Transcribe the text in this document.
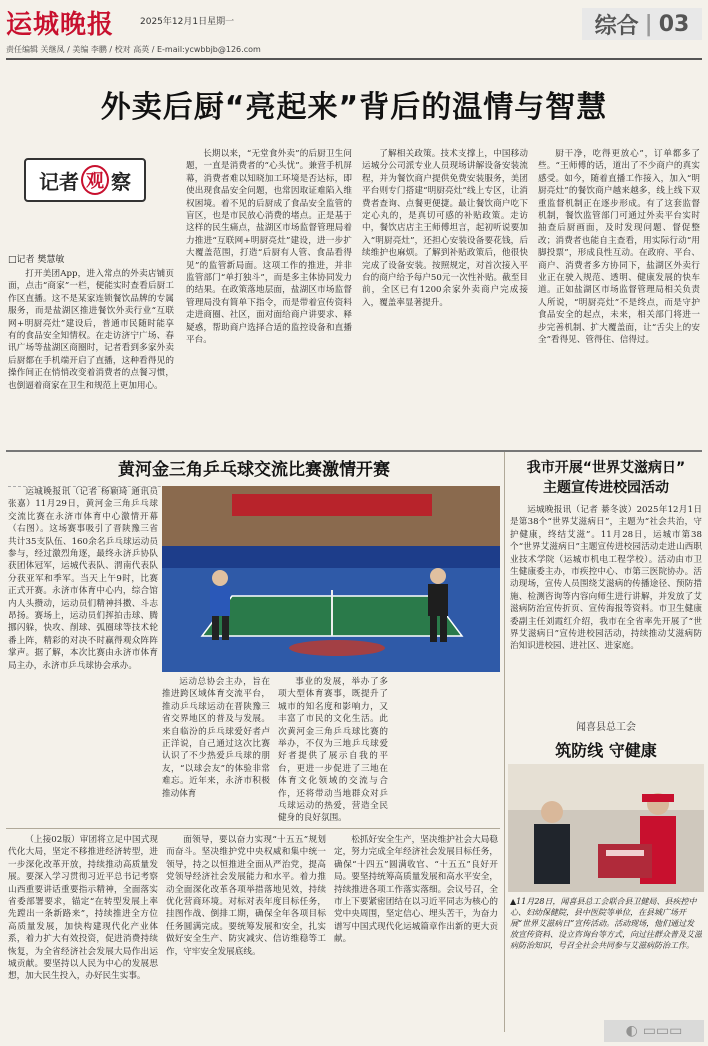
运城晚报	2025年12月1日星期一
责任编辑 关继凤 / 美编 李鹏 / 校对 高英 / E-mail:ycwbbjb@126.com
综合 | 03
外卖后厨“亮起来”背后的温情与智慧
记者 观 察
□记者 樊慧敏

打开美团App，进入常点的外卖店铺页面，点击“商家”一栏，便能实时查看后厨工作区直播。这不是某家连锁餐饮品牌的专属服务，而是盐湖区推进餐饮外卖行业“互联网+明厨亮灶”建设后，普通市民随时能享有的食品安全知情权。在走访济宁广场、春讯广场等盐湖区商圈时，记者看到多家外卖后厨都在手机端开启了直播，这种看得见的操作间正在悄悄改变着消费者的点餐习惯，也倒逼着商家在卫生和规范上更加用心。

长期以来，“无堂食外卖”的后厨卫生问题，一直是消费者的“心头忧”。兼营手机屏幕，消费者难以知晓加工环境是否达标，即使出现食品安全问题，也常因取证难陷入维权困境。着不见的后厨成了食品安全监管的盲区，也是市民放心消费的堵点。正是基于这样的民生痛点，盐湖区市场监督管理局着力推进“互联网+明厨亮灶”建设，进一步扩大覆盖范围，打造“后厨有人管、食品看得见”的监管新局面。这项工作的推进，并非监管部门“单打独斗”，而是多主体协同发力的结果。在政策落地层面，盐湖区市场监督管理局没有简单下指令，而是带着宣传资料走进商圈、社区，面对面给商户讲要求、释疑惑，帮助商户选择合适的监控设备和直播平台。

了解相关政策。技术支撑上，中国移动运城分公司派专业人员现场讲解设备安装流程，并为餐饮商户提供免费安装服务，美团平台则专门搭建“明厨亮灶”线上专区，让消费者查询、点餐更便捷。最让餐饮商户吃下定心丸的，是真切可感的补贴政策。走访中，餐饮店店主王师傅坦言，起初听说要加入“明厨亮灶”，还担心安装设备要花钱，后续维护也麻烦。了解到补贴政策后，他很快完成了设备安装。按照规定，对首次接入平台的商户给予每户50元一次性补贴。截至目前，全区已有1200余家外卖商户完成接入，覆盖率显著提升。

厨干净，吃得更放心”，订单都多了些。“王师傅的话，道出了不少商户的真实感受。如今，随着直播工作接入，加入“明厨亮灶”的餐饮商户越来越多，线上线下双重监督机制正在逐步形成。有了这套监督机制，餐饮监管部门可通过外卖平台实时抽查后厨画面，及时发现问题、督促整改；消费者也能自主查看，用实际行动“用脚投票”，形成良性互动。在政府、平台、商户、消费者多方协同下，盐湖区外卖行业正在驶入规范、透明、健康发展的快车道。正如盐湖区市场监督管理局相关负责人所说，“明厨亮灶”不是终点，而是守护食品安全的起点，未来，相关部门将进一步完善机制、扩大覆盖面，让“舌尖上的安全”看得见、管得住、信得过。

黄河金三角乒乓球交流比赛激情开赛

运城晚报讯（记者 杨颖琦 通讯员 张嘉）11月29日，黄河金三角乒乓球交流比赛在永济市体育中心激情开幕（右图）。这场赛事吸引了晋陕豫三省共计35支队伍、160余名乒乓球运动员参与，经过激烈角逐，最终永济乒协队获团体冠军，运城代表队、渭南代表队分获亚军和季军。当天上午9时，比赛正式开赛。永济市体育中心内，综合馆内人头攒动，运动员们精神抖擞、斗志昂扬。赛场上，运动员们挥拍击球、腾挪闪躲，快攻、削球、弧圈球等技术轮番上阵，精彩的对决不时赢得观众阵阵掌声。据了解，本次比赛由永济市体育局主办，永济市乒乓球协会承办。

运动总协会主办，旨在推进跨区域体育交流平台，推动乒乓球运动在晋陕豫三省交界地区的普及与发展。来自临汾的乒乓球爱好者卢正洋说，自己通过这次比赛认识了不少热爱乒乓球的朋友，“以球会友”的体验非常难忘。近年来，永济市积极推动体育

事业的发展，举办了多项大型体育赛事，既提升了城市的知名度和影响力，又丰富了市民的文化生活。此次黄河金三角乒乓球比赛的举办，不仅为三地乒乓球爱好者提供了展示自我的平台，更进一步促进了三地在体育文化领域的交流与合作，还将带动当地群众对乒乓球运动的热爱，营造全民健身的良好氛围。

我市开展“世界艾滋病日”
主题宣传进校园活动

运城晚报讯（记者 綦冬波）2025年12月1日是第38个“世界艾滋病日”，主题为“社会共治，守护健康，终结艾滋”。11月28日，运城市第38个“世界艾滋病日”主题宣传进校园活动走进山西职业技术学院（运城市机电工程学校）。活动由市卫生健康委主办，市疾控中心、市第三医院协办。活动现场，宣传人员围绕艾滋病的传播途径、预防措施、检测咨询等内容向师生进行讲解，并发放了艾滋病防治宣传折页、宣传海报等资料。市卫生健康委副主任刘霞红介绍，我市在全省率先开展了“世界艾滋病日”宣传进校园活动，持续推动艾滋病防治知识进校园、进社区、进家庭。

闻喜县总工会
筑防线 守健康
▲11月28日，闻喜县总工会联合县卫健局、县疾控中心、妇幼保健院，县中医院等单位，在县城广场开展“世界艾滋病日”宣传活动。活动现场，他们通过发放宣传资料、设立咨询台等方式，向过往群众普及艾滋病防治知识，号召全社会共同参与艾滋病防治工作。

（上接02版）审团将立足中国式现代化大局，坚定不移推进经济转型，进一步深化改革开放，持续推动高质量发展。要深入学习贯彻习近平总书记考察山西重要讲话重要指示精神，全面落实省委部署要求，锚定“在转型发展上率先蹚出一条新路来”，持续推进全方位高质量发展，加快构建现代化产业体系，着力扩大有效投资，促进消费持续恢复，为全省经济社会发展大局作出运城贡献。要坚持以人民为中心的发展思想，加大民生投入，办好民生实事。

面领导，要以奋力实现“十五五”规划而奋斗。坚决维护党中央权威和集中统一领导，持之以恒推进全面从严治党，提高党领导经济社会发展能力和水平。着力推动全面深化改革各项举措落地见效，持续优化营商环境。对标对表年度目标任务，挂图作战、倒排工期，确保全年各项目标任务圆满完成。要统筹发展和安全，扎实做好安全生产、防灾减灾、信访维稳等工作，守牢安全发展底线。

松抓好安全生产，坚决维护社会大局稳定，努力完成全年经济社会发展目标任务，确保“十四五”圆满收官、“十五五”良好开局。要坚持统筹高质量发展和高水平安全，持续推进各项工作落实落细。会议号召，全市上下要紧密团结在以习近平同志为核心的党中央周围，坚定信心、埋头苦干，为奋力谱写中国式现代化运城篇章作出新的更大贡献。

◐ ▭▭▭
